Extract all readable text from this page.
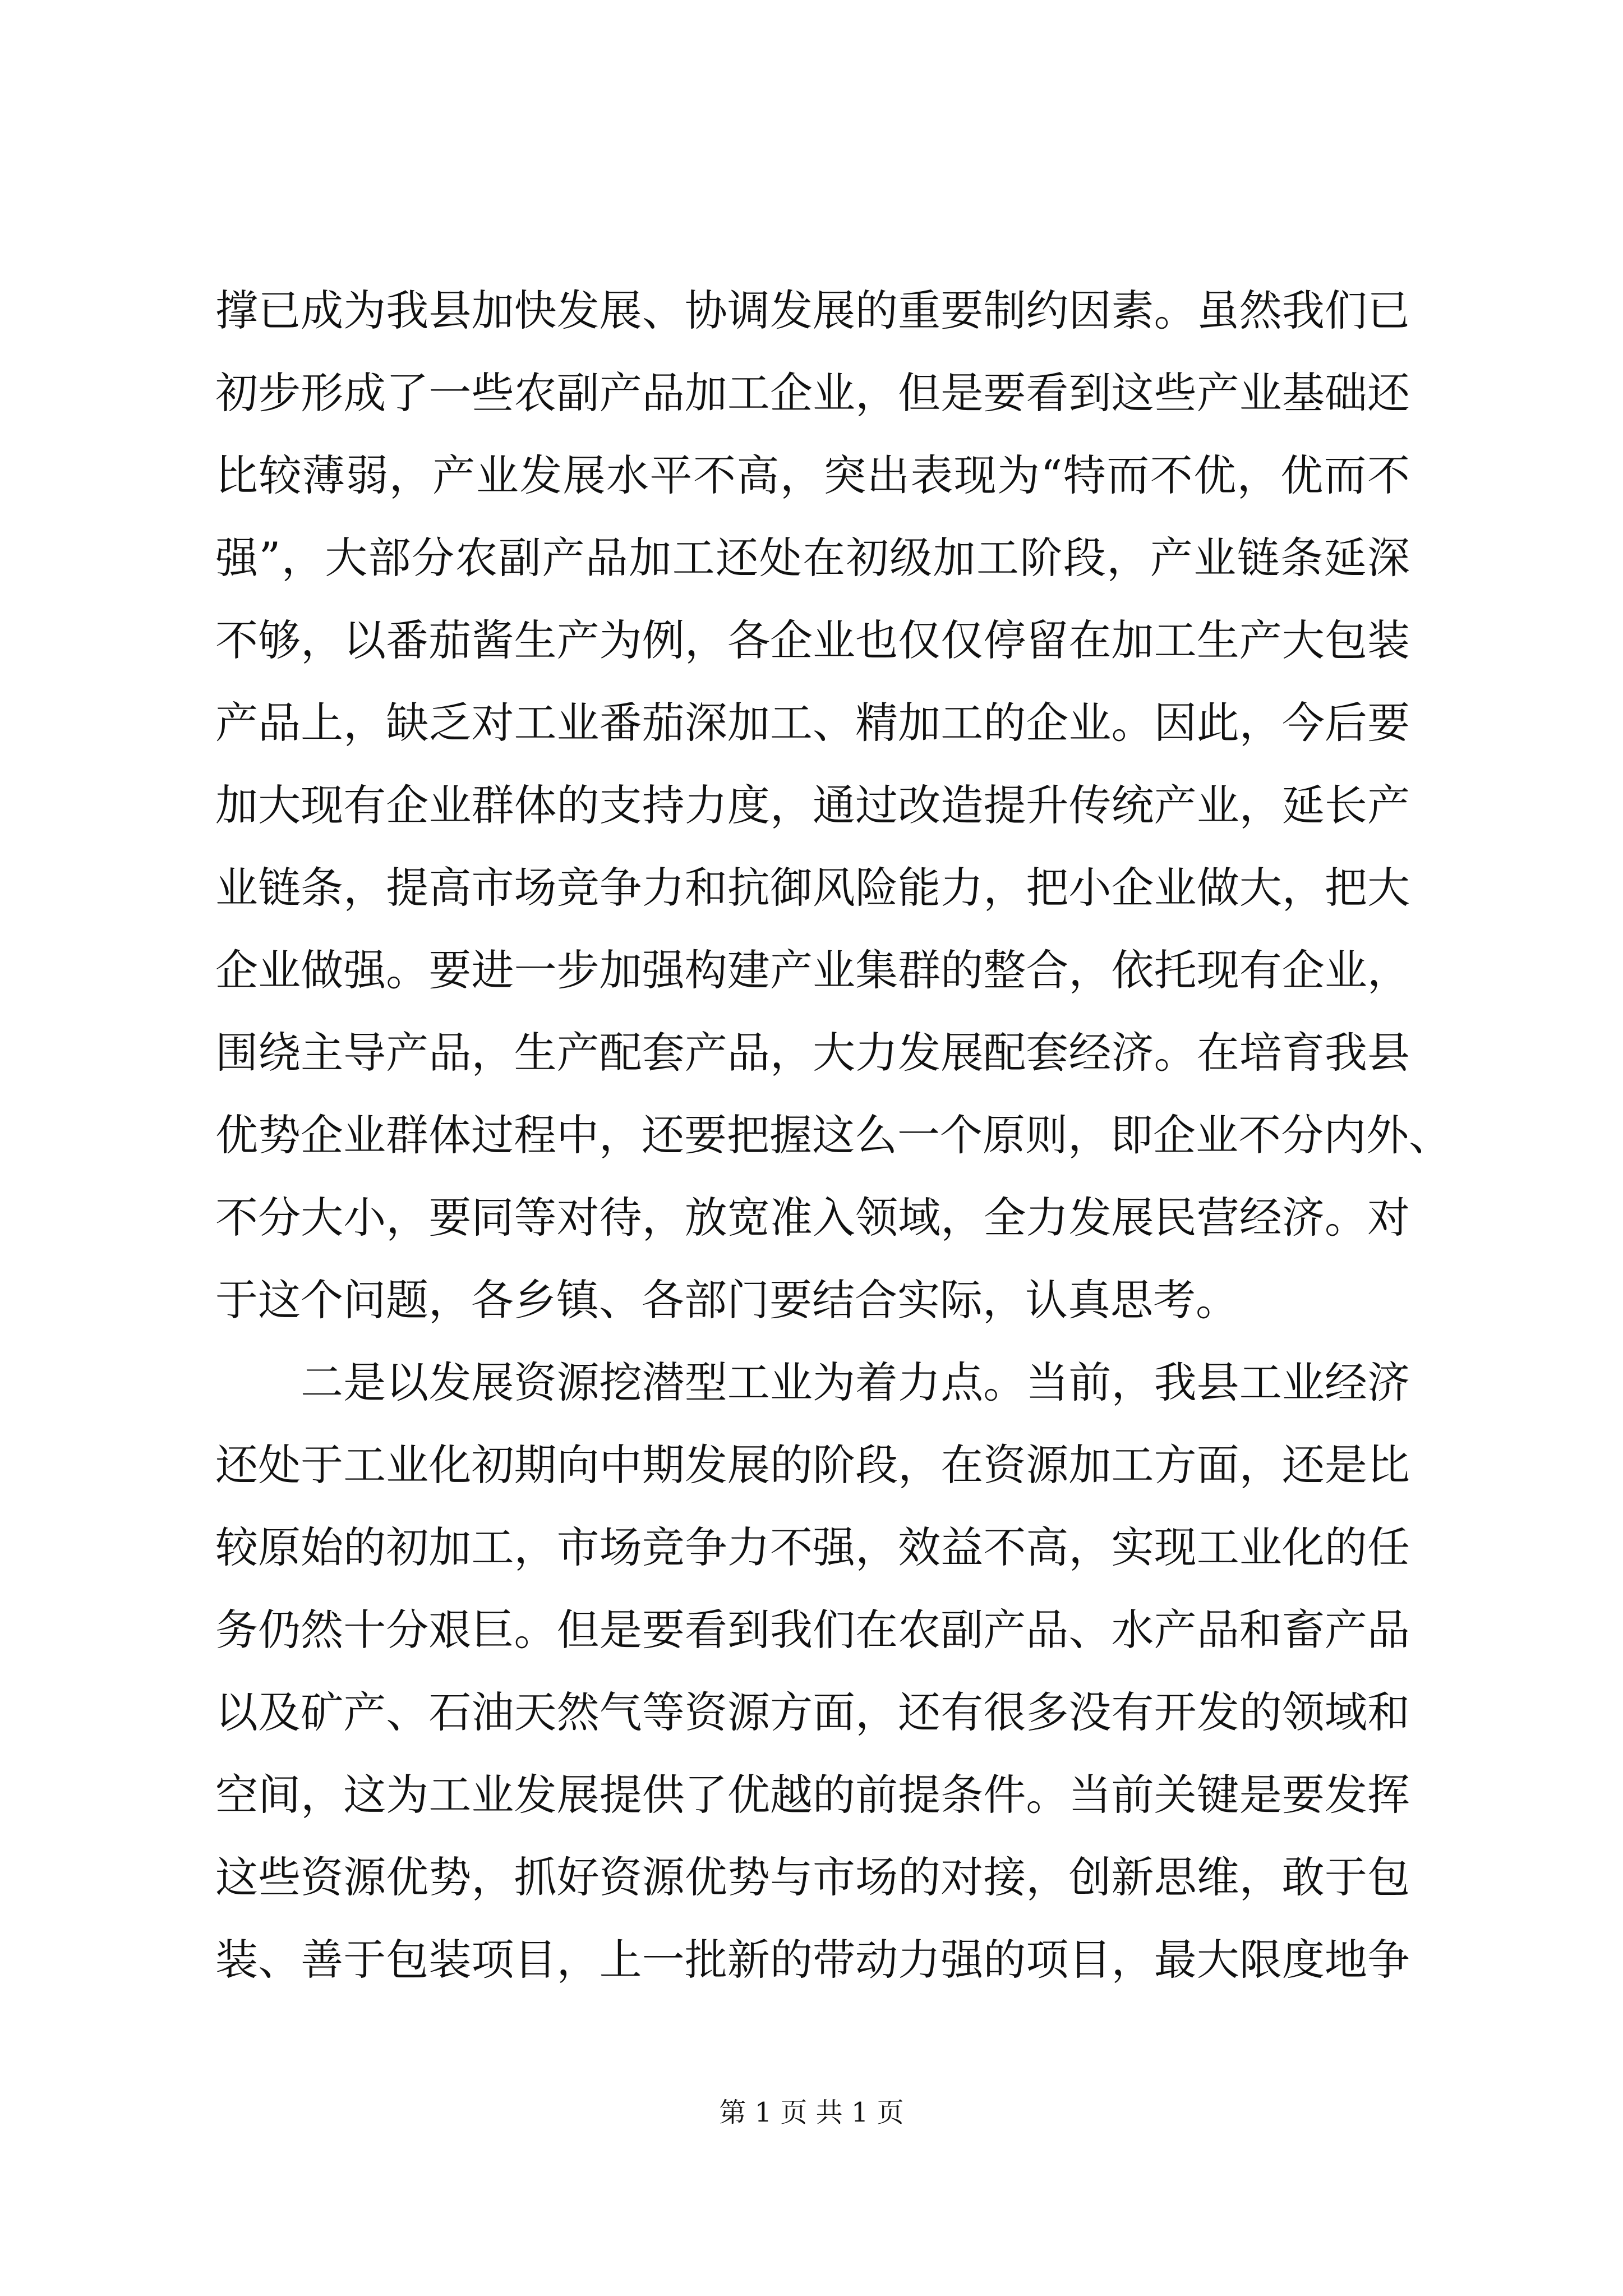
撑已成为我县加快发展、协调发展的重要制约因素。虽然我们已
初步形成了一些农副产品加工企业，但是要看到这些产业基础还
比较薄弱，产业发展水平不高，突出表现为“特而不优，优而不
强”，大部分农副产品加工还处在初级加工阶段，产业链条延深
不够，以番茄酱生产为例，各企业也仅仅停留在加工生产大包装
产品上，缺乏对工业番茄深加工、精加工的企业。因此，今后要
加大现有企业群体的支持力度，通过改造提升传统产业，延长产
业链条，提高市场竞争力和抗御风险能力，把小企业做大，把大
企业做强。要进一步加强构建产业集群的整合，依托现有企业，
围绕主导产品，生产配套产品，大力发展配套经济。在培育我县
优势企业群体过程中，还要把握这么一个原则，即企业不分内外、
不分大小，要同等对待，放宽准入领域，全力发展民营经济。对
于这个问题，各乡镇、各部门要结合实际，认真思考。
二是以发展资源挖潜型工业为着力点。当前，我县工业经济
还处于工业化初期向中期发展的阶段，在资源加工方面，还是比
较原始的初加工，市场竞争力不强，效益不高，实现工业化的任
务仍然十分艰巨。但是要看到我们在农副产品、水产品和畜产品
以及矿产、石油天然气等资源方面，还有很多没有开发的领域和
空间，这为工业发展提供了优越的前提条件。当前关键是要发挥
这些资源优势，抓好资源优势与市场的对接，创新思维，敢于包
装、善于包装项目，上一批新的带动力强的项目，最大限度地争
第 1 页 共 1 页
